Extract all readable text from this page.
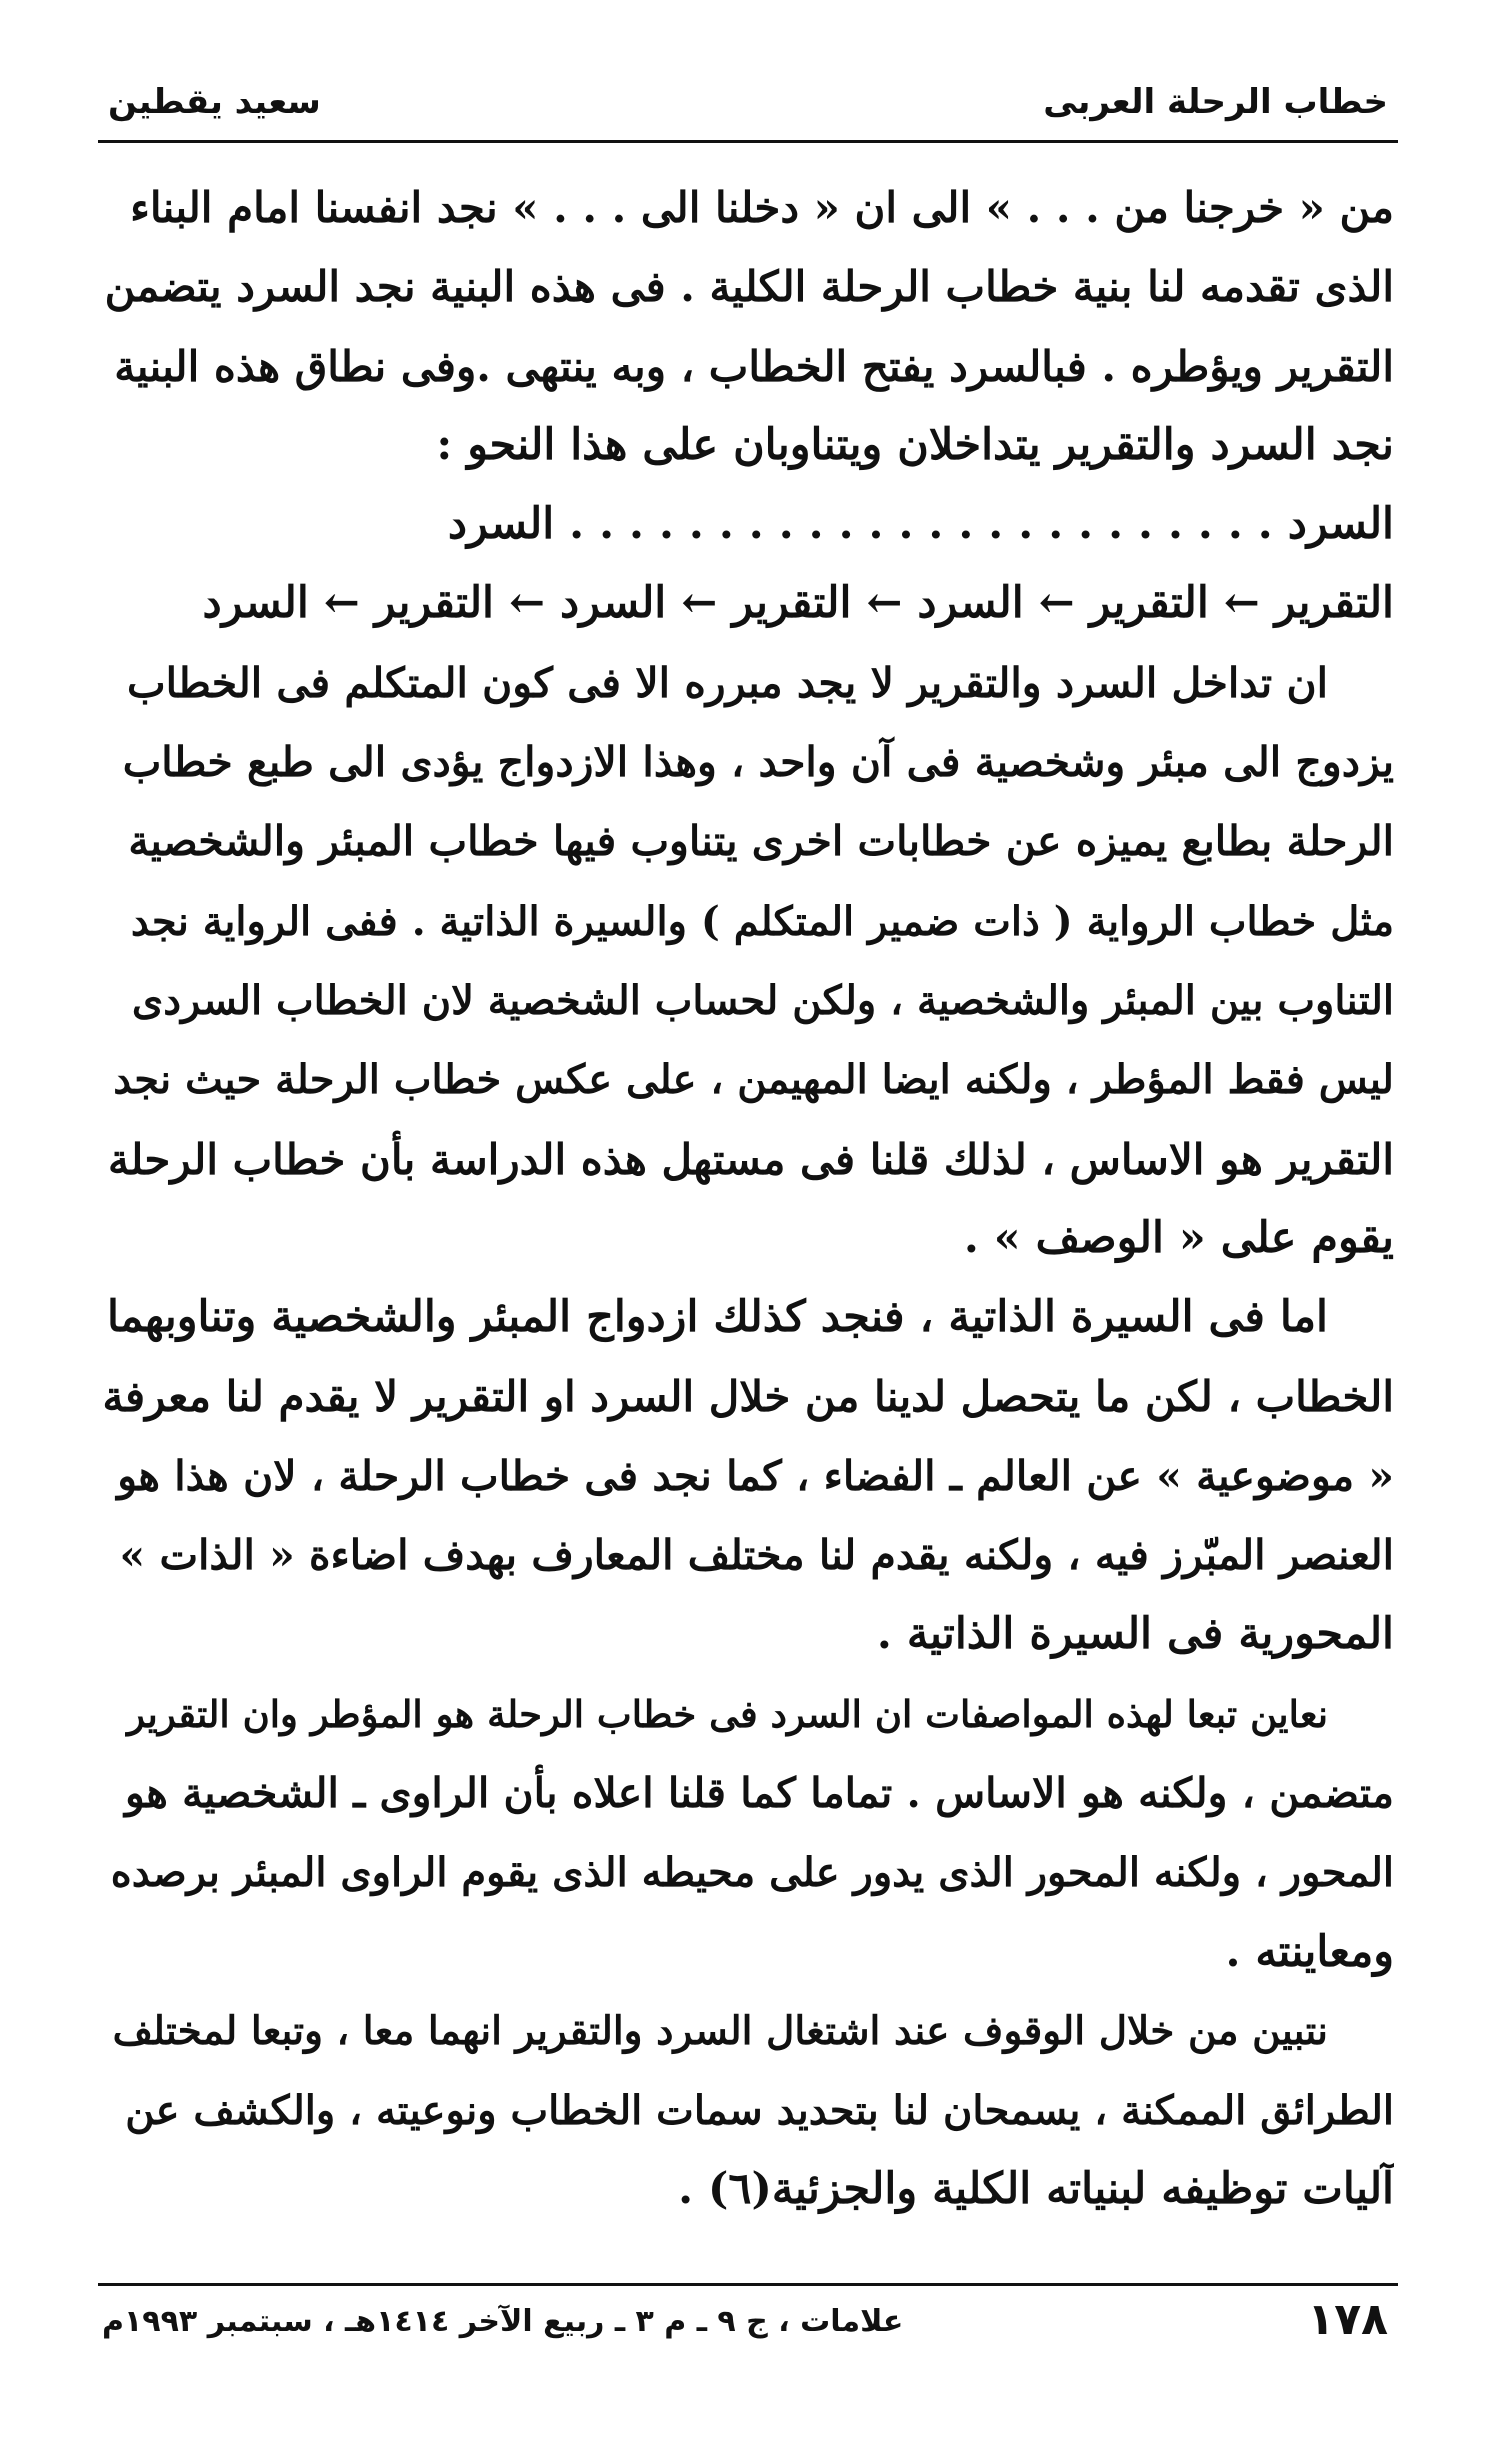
خطاب الرحلة العربى
سعيد يقطين
من « خرجنا من . . . » الى ان « دخلنا الى . . . » نجد انفسنا امام البناء
الذى تقدمه لنا بنية خطاب الرحلة الكلية . فى هذه البنية نجد السرد يتضمن
التقرير ويؤطره . فبالسرد يفتح الخطاب ، وبه ينتهى .وفى نطاق هذه البنية
نجد السرد والتقرير يتداخلان ويتناوبان على هذا النحو :
السرد . . . . . . . . . . . . . . . . . . . . . . . . السرد
التقرير ← التقرير ← السرد ← التقرير ← السرد ← التقرير ← السرد
ان تداخل السرد والتقرير لا يجد مبرره الا فى كون المتكلم فى الخطاب
يزدوج الى مبئر وشخصية فى آن واحد ، وهذا الازدواج يؤدى الى طبع خطاب
الرحلة بطابع يميزه عن خطابات اخرى يتناوب فيها خطاب المبئر والشخصية
مثل خطاب الرواية ( ذات ضمير المتكلم ) والسيرة الذاتية . ففى الرواية نجد
التناوب بين المبئر والشخصية ، ولكن لحساب الشخصية لان الخطاب السردى
ليس فقط المؤطر ، ولكنه ايضا المهيمن ، على عكس خطاب الرحلة حيث نجد
التقرير هو الاساس ، لذلك قلنا فى مستهل هذه الدراسة بأن خطاب الرحلة
يقوم على « الوصف » .
اما فى السيرة الذاتية ، فنجد كذلك ازدواج المبئر والشخصية وتناوبهما
الخطاب ، لكن ما يتحصل لدينا من خلال السرد او التقرير لا يقدم لنا معرفة
« موضوعية » عن العالم ـ الفضاء ، كما نجد فى خطاب الرحلة ، لان هذا هو
العنصر المبّرز فيه ، ولكنه يقدم لنا مختلف المعارف بهدف اضاءة « الذات »
المحورية فى السيرة الذاتية .
نعاين تبعا لهذه المواصفات ان السرد فى خطاب الرحلة هو المؤطر وان التقرير
متضمن ، ولكنه هو الاساس . تماما كما قلنا اعلاه بأن الراوى ـ الشخصية هو
المحور ، ولكنه المحور الذى يدور على محيطه الذى يقوم الراوى المبئر برصده
ومعاينته .
نتبين من خلال الوقوف عند اشتغال السرد والتقرير انهما معا ، وتبعا لمختلف
الطرائق الممكنة ، يسمحان لنا بتحديد سمات الخطاب ونوعيته ، والكشف عن
آليات توظيفه لبنياته الكلية والجزئية(٦) .
١٧٨
علامات ، ج ٩ ـ م ٣ ـ ربيع الآخر ١٤١٤هـ ، سبتمبر ١٩٩٣م
